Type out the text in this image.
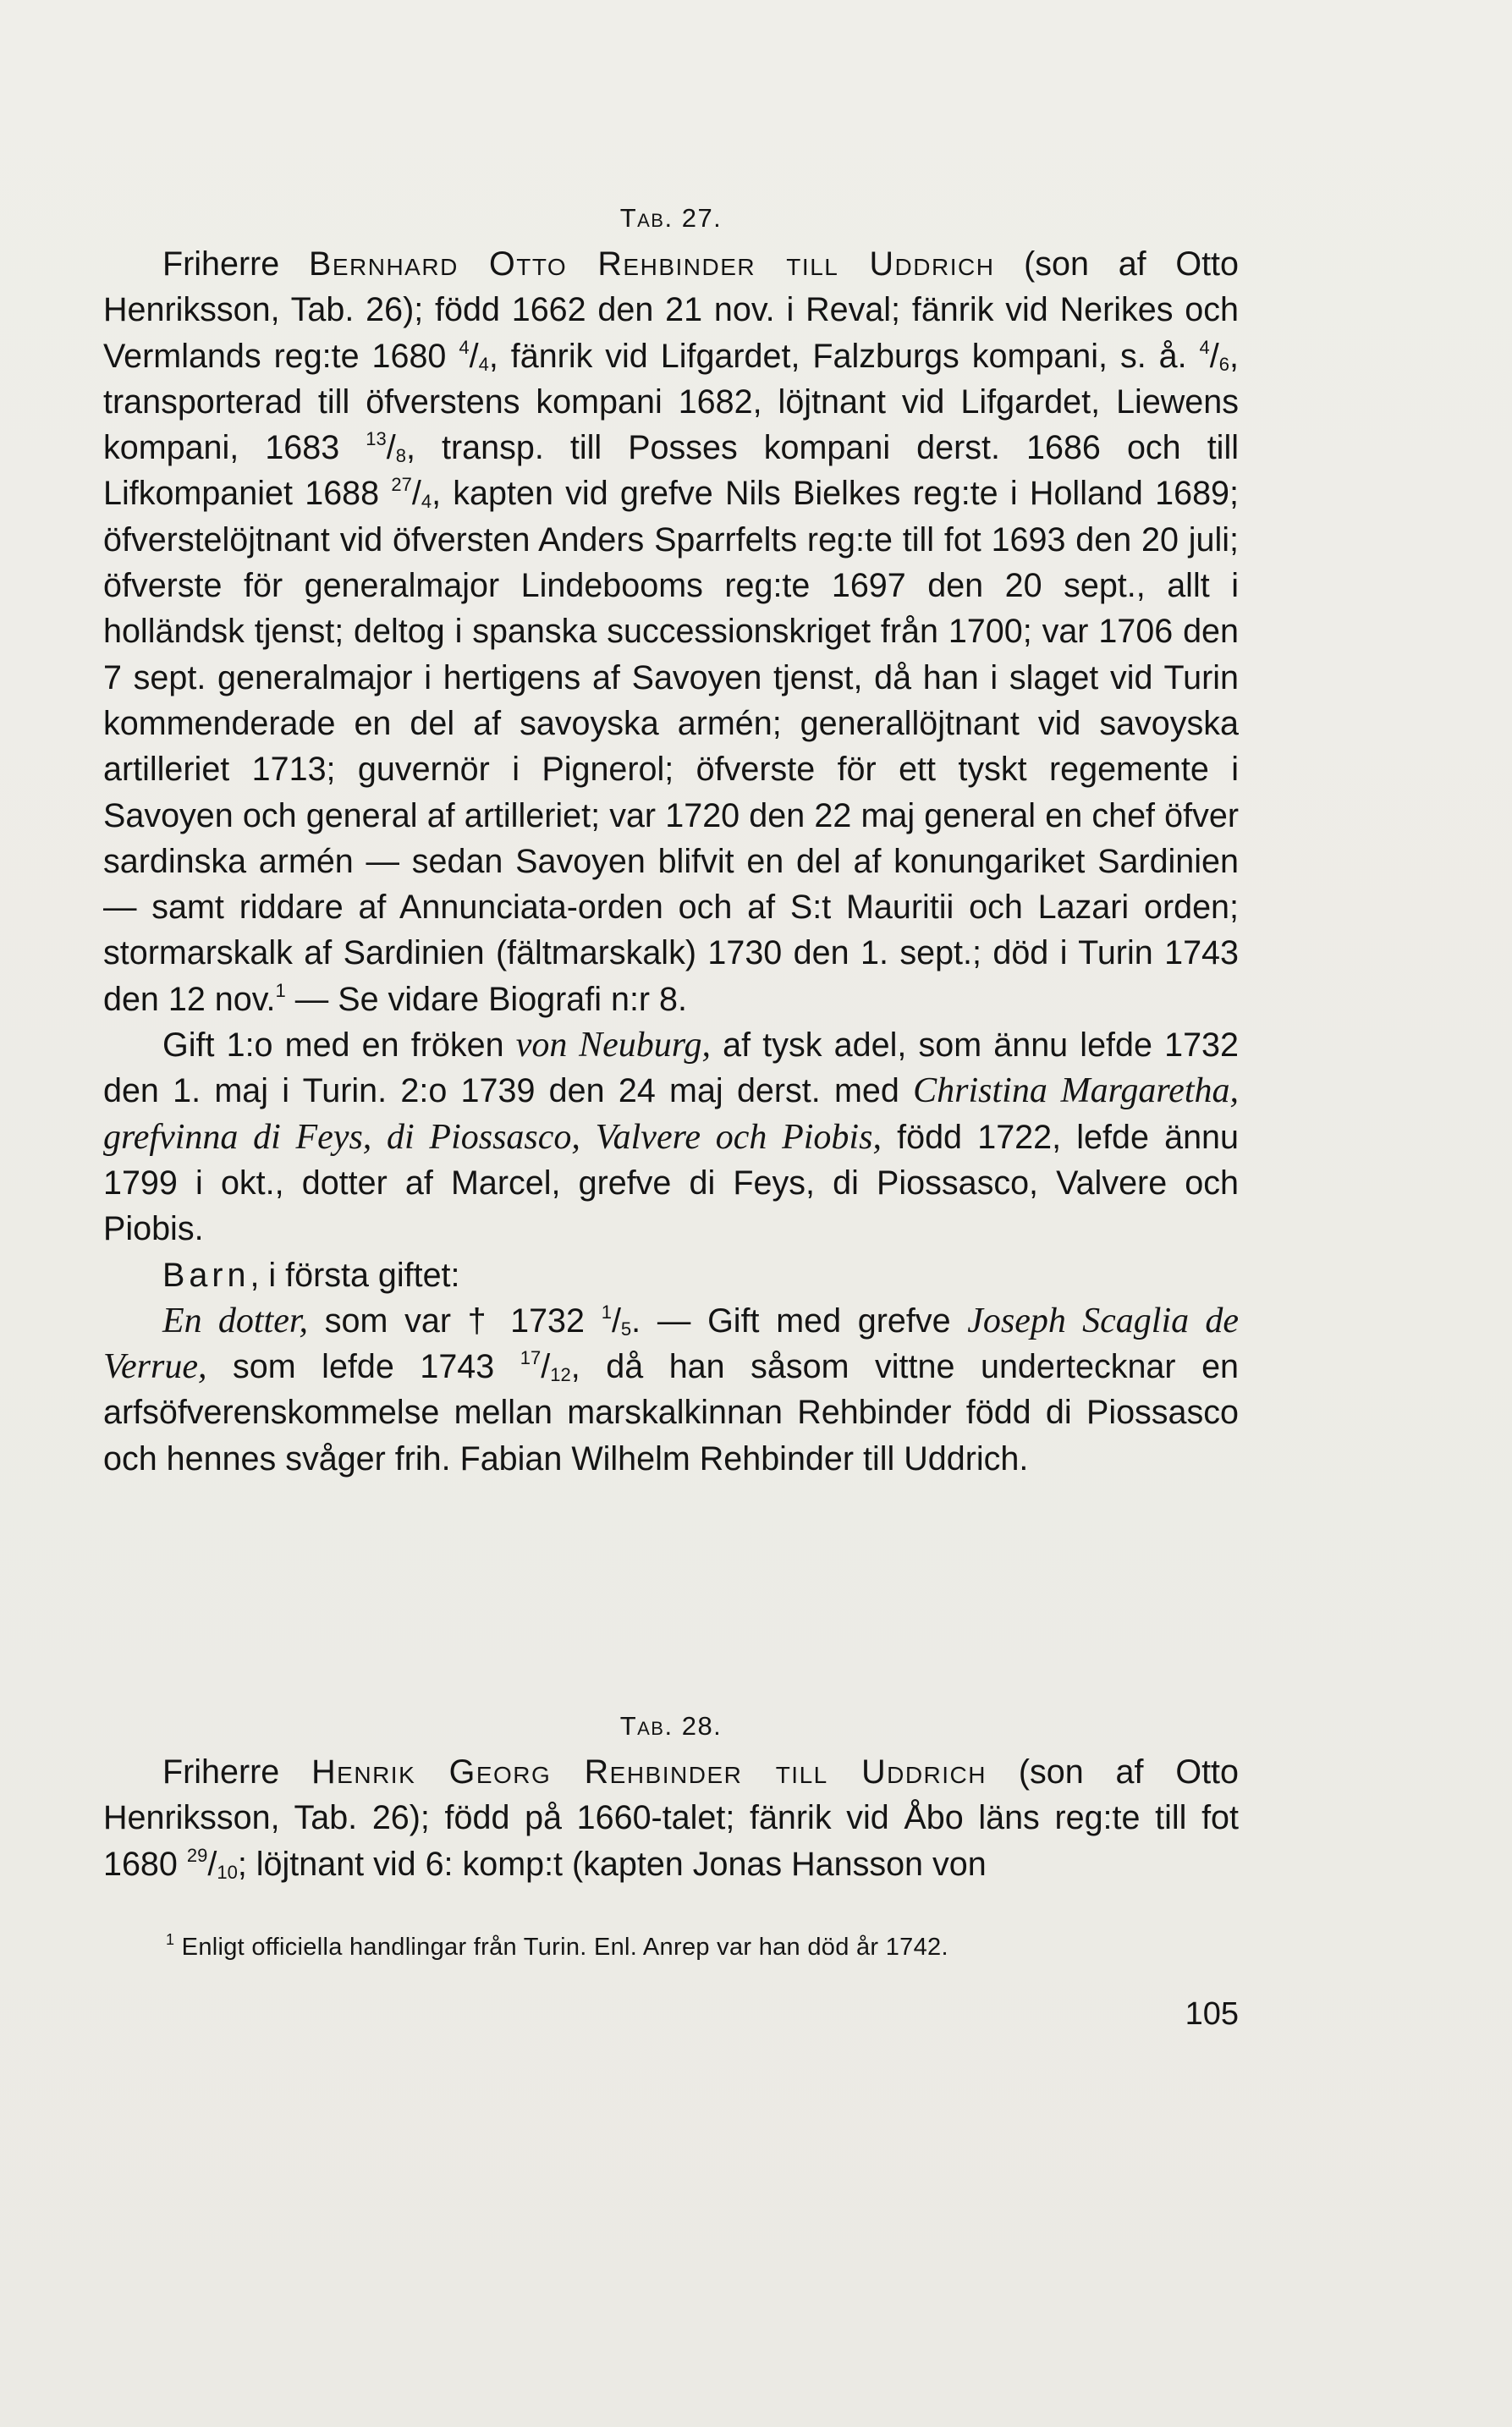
Tab. 27.

Friherre Bernhard Otto Rehbinder till Uddrich (son af Otto Henriksson, Tab. 26); född 1662 den 21 nov. i Reval; fänrik vid Nerikes och Vermlands reg:te 1680 $^4/_4$, fänrik vid Lifgardet, Falzburgs kompani, s. å. $^4/_6$, transporterad till öfverstens kompani 1682, löjtnant vid Lifgardet, Liewens kompani, 1683 $^{13}/_8$, transp. till Posses kompani derst. 1686 och till Lifkompaniet 1688 $^{27}/_4$, kapten vid grefve Nils Bielkes reg:te i Holland 1689; öfverstelöjtnant vid öfversten Anders Sparrfelts reg:te till fot 1693 den 20 juli; öfverste för generalmajor Lindebooms reg:te 1697 den 20 sept., allt i holländsk tjenst; deltog i spanska successionskriget från 1700; var 1706 den 7 sept. generalmajor i hertigens af Savoyen tjenst, då han i slaget vid Turin kommenderade en del af savoyska armén; generallöjtnant vid savoyska artilleriet 1713; guvernör i Pignerol; öfverste för ett tyskt regemente i Savoyen och general af artilleriet; var 1720 den 22 maj general en chef öfver sardinska armén — sedan Savoyen blifvit en del af konungariket Sardinien — samt riddare af Annunciata-orden och af S:t Mauritii och Lazari orden; stormarskalk af Sardinien (fältmarskalk) 1730 den 1. sept.; död i Turin 1743 den 12 nov.$^1$ — Se vidare Biografi n:r 8.

Gift 1:o med en fröken von Neuburg, af tysk adel, som ännu lefde 1732 den 1. maj i Turin. 2:o 1739 den 24 maj derst. med Christina Margaretha, grefvinna di Feys, di Piossasco, Valvere och Piobis, född 1722, lefde ännu 1799 i okt., dotter af Marcel, grefve di Feys, di Piossasco, Valvere och Piobis.

Barn, i första giftet:

En dotter, som var † 1732 $^1/_5$. — Gift med grefve Joseph Scaglia de Verrue, som lefde 1743 $^{17}/_{12}$, då han såsom vittne undertecknar en arfsöfverenskommelse mellan marskalkinnan Rehbinder född di Piossasco och hennes svåger frih. Fabian Wilhelm Rehbinder till Uddrich.

Tab. 28.

Friherre Henrik Georg Rehbinder till Uddrich (son af Otto Henriksson, Tab. 26); född på 1660-talet; fänrik vid Åbo läns reg:te till fot 1680 $^{29}/_{10}$; löjtnant vid 6: komp:t (kapten Jonas Hansson von

$^1$ Enligt officiella handlingar från Turin. Enl. Anrep var han död år 1742.
105
